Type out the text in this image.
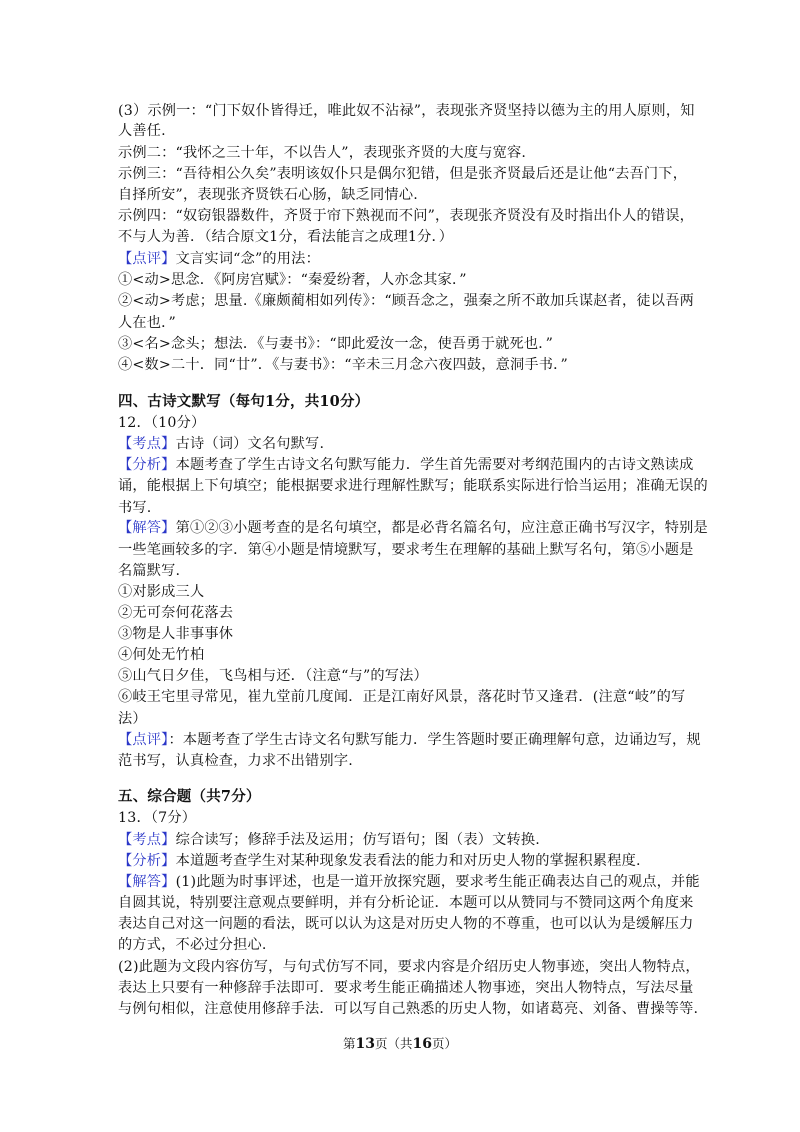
(3）示例一：“门下奴仆皆得迁，唯此奴不沾禄”，表现张齐贤坚持以德为主的用人原则，知
人善任.
示例二：“我怀之三十年，不以告人”，表现张齐贤的大度与宽容.
示例三：“吾待相公久矣”表明该奴仆只是偶尔犯错，但是张齐贤最后还是让他“去吾门下，
自择所安”，表现张齐贤铁石心肠，缺乏同情心.
示例四：“奴窃银器数件，齐贤于帘下熟视而不问”，表现张齐贤没有及时指出仆人的错误，
不与人为善．（结合原文1分，看法能言之成理1分．）
【点评】文言实词“念”的用法：
①<动>思念．《阿房宫赋》：“秦爱纷奢，人亦念其家．”
②<动>考虑；思量.《廉颇蔺相如列传》：“顾吾念之，强秦之所不敢加兵谋赵者，徒以吾两
人在也．”
③<名>念头；想法．《与妻书》：“即此爱汝一念，使吾勇于就死也．”
④<数>二十．同“廿”．《与妻书》：“辛未三月念六夜四鼓，意洞手书．”
四、古诗文默写（每句1分，共10分）
12．（10分）
【考点】古诗（词）文名句默写.
【分析】本题考查了学生古诗文名句默写能力．学生首先需要对考纲范围内的古诗文熟读成
诵，能根据上下句填空；能根据要求进行理解性默写；能联系实际进行恰当运用；准确无误的
书写.
【解答】第①②③小题考查的是名句填空，都是必背名篇名句，应注意正确书写汉字，特别是
一些笔画较多的字．第④小题是情境默写，要求考生在理解的基础上默写名句，第⑤小题是
名篇默写.
①对影成三人
②无可奈何花落去
③物是人非事事休
④何处无竹柏
⑤山气日夕佳，飞鸟相与还．（注意“与”的写法）
⑥岐王宅里寻常见，崔九堂前几度闻．正是江南好风景，落花时节又逢君．(注意“岐”的写
法）
【点评】：本题考查了学生古诗文名句默写能力．学生答题时要正确理解句意，边诵边写，规
范书写，认真检查，力求不出错别字.
五、综合题（共7分）
13．（7分）
【考点】综合读写；修辞手法及运用；仿写语句；图（表）文转换.
【分析】本道题考查学生对某种现象发表看法的能力和对历史人物的掌握积累程度.
【解答】(1)此题为时事评述，也是一道开放探究题，要求考生能正确表达自己的观点，并能
自圆其说，特别要注意观点要鲜明，并有分析论证．本题可以从赞同与不赞同这两个角度来
表达自己对这一问题的看法，既可以认为这是对历史人物的不尊重，也可以认为是缓解压力
的方式，不必过分担心.
(2)此题为文段内容仿写，与句式仿写不同，要求内容是介绍历史人物事迹，突出人物特点，
表达上只要有一种修辞手法即可．要求考生能正确描述人物事迹，突出人物特点，写法尽量
与例句相似，注意使用修辞手法．可以写自己熟悉的历史人物，如诸葛亮、刘备、曹操等等.
第13页（共16页）
